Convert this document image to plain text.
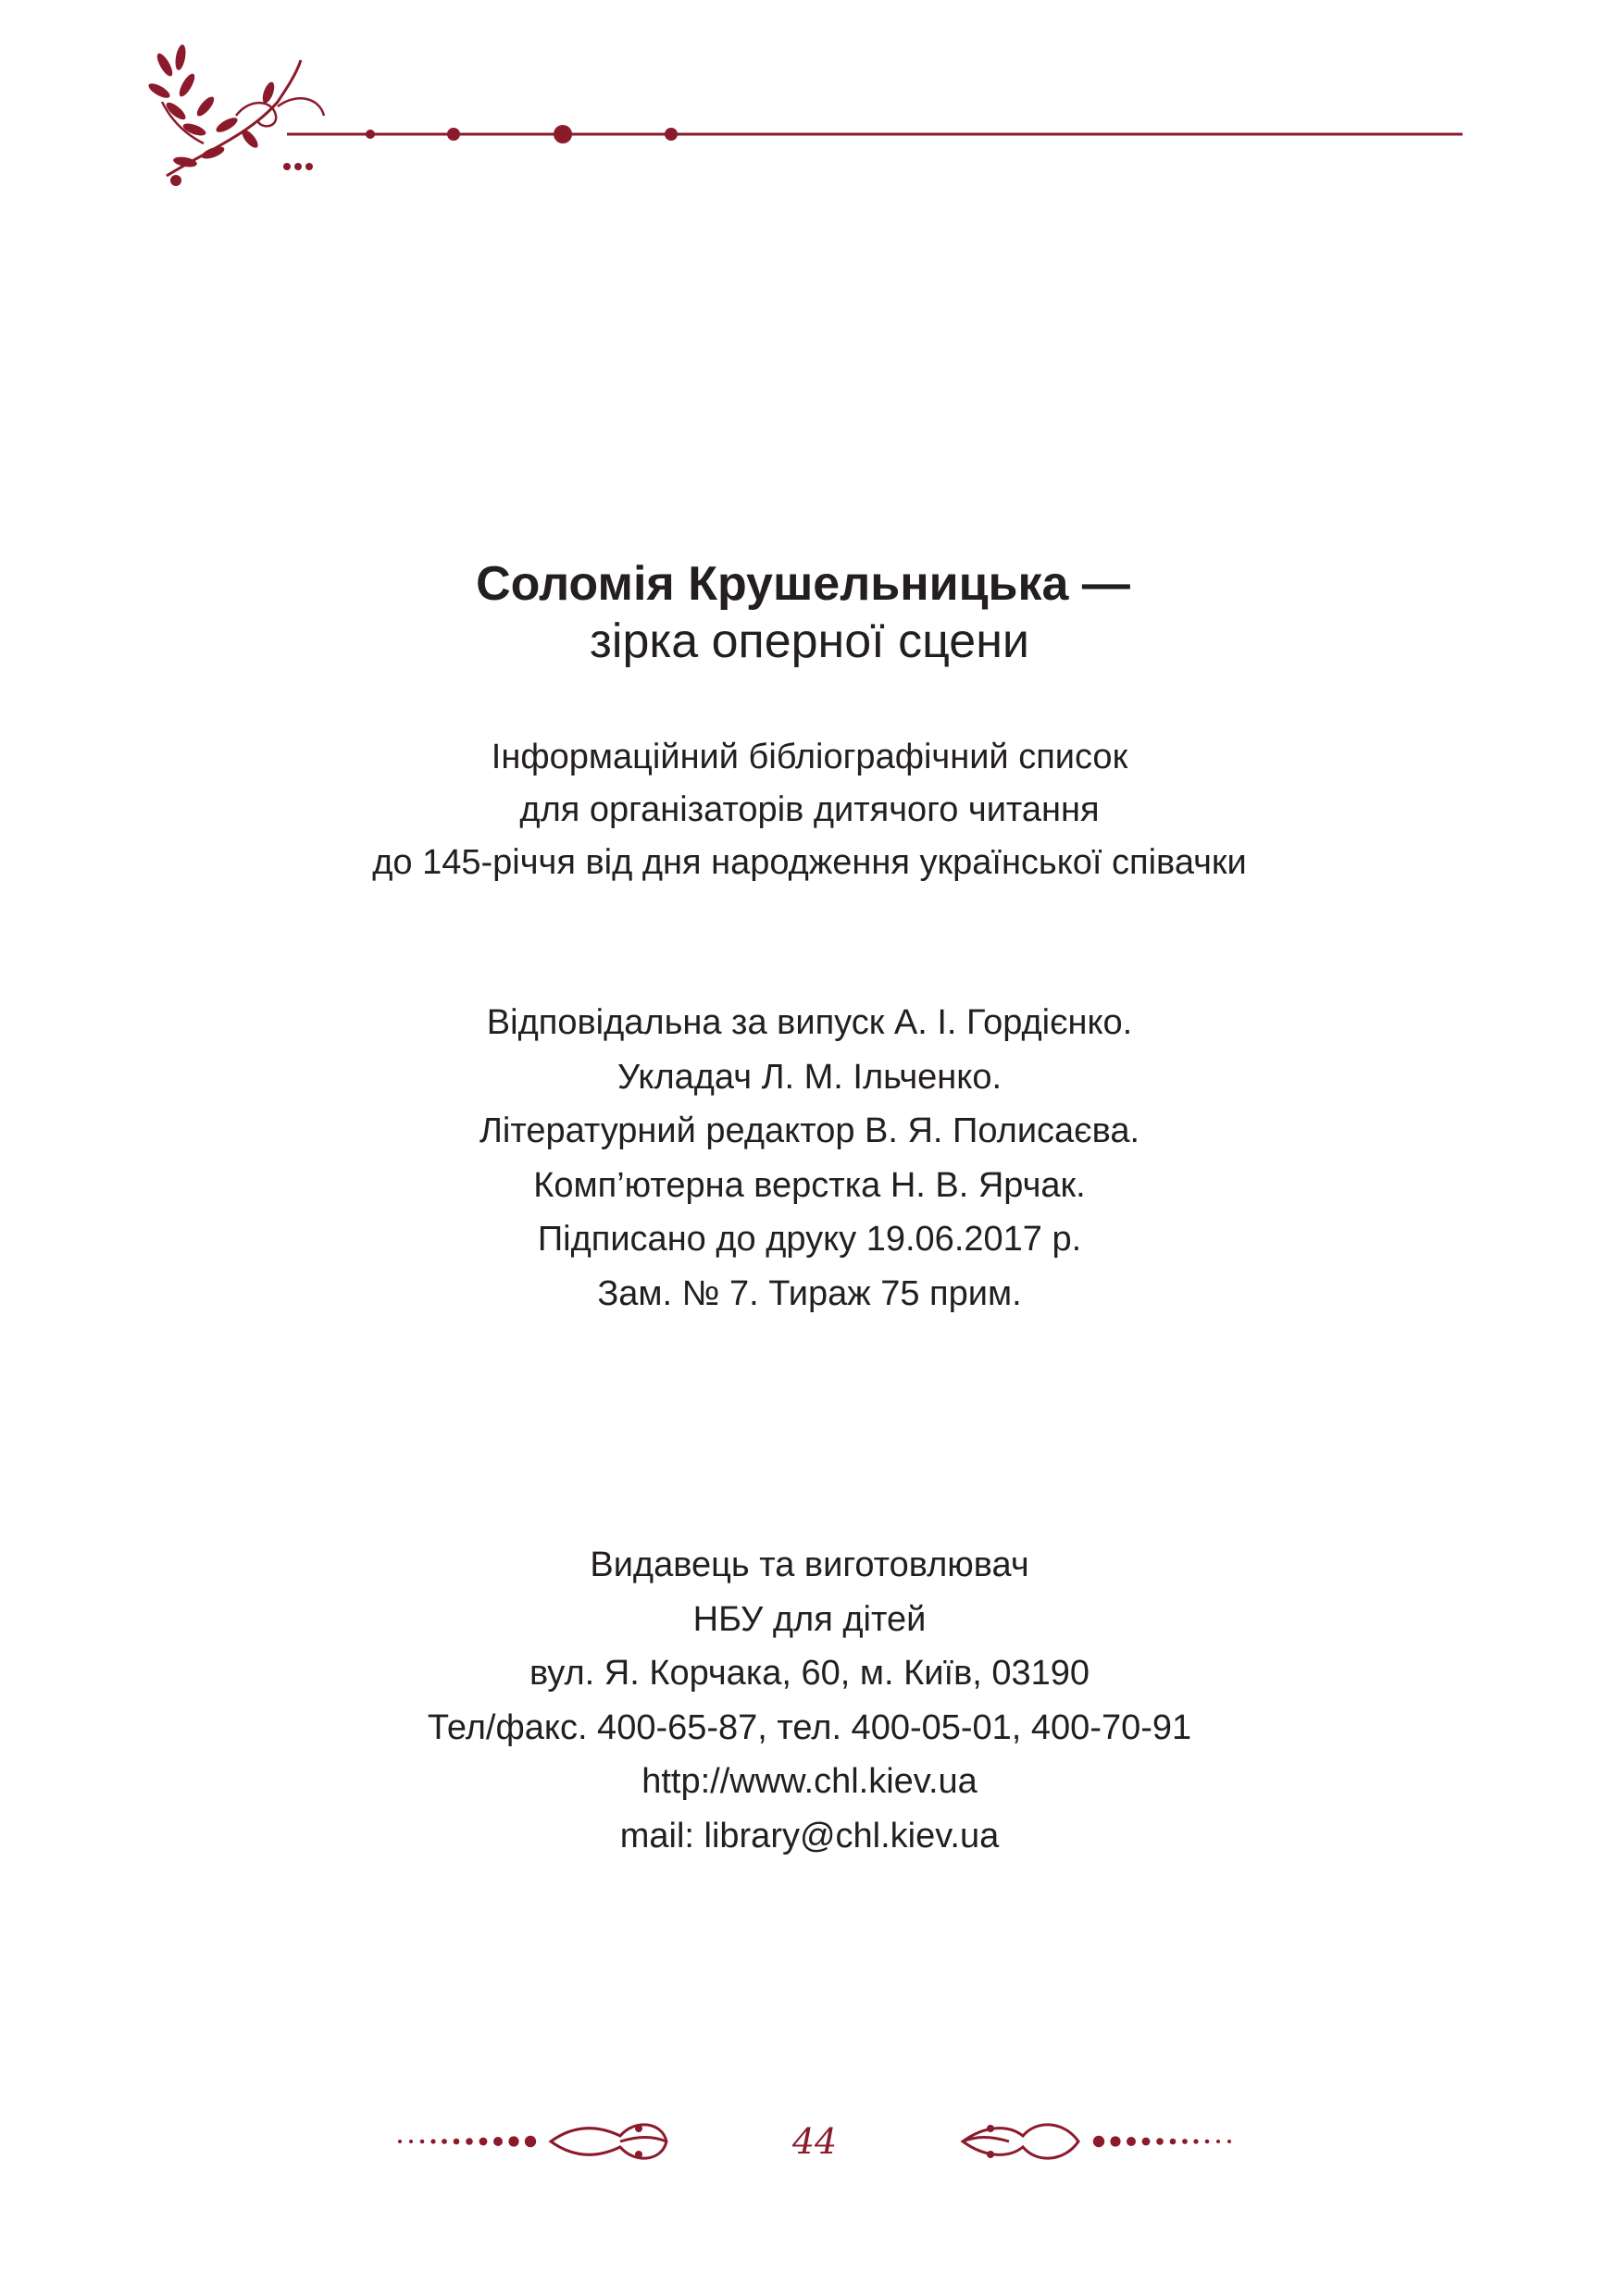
Соломія Крушельницька —
зірка оперної сцени
Інформаційний бібліографічний список
для організаторів дитячого читання
до 145-річчя від дня народження української співачки
Відповідальна за випуск А. І. Гордієнко.
Укладач Л. М. Ільченко.
Літературний редактор В. Я. Полисаєва.
Комп’ютерна верстка Н. В. Ярчак.
Підписано до друку 19.06.2017 р.
Зам. № 7. Тираж 75 прим.
Видавець та виготовлювач
НБУ для дітей
вул. Я. Корчака, 60, м. Київ, 03190
Тел/факс. 400-65-87, тел. 400-05-01, 400-70-91
http://www.chl.kiev.ua
mail: library@chl.kiev.ua
44
